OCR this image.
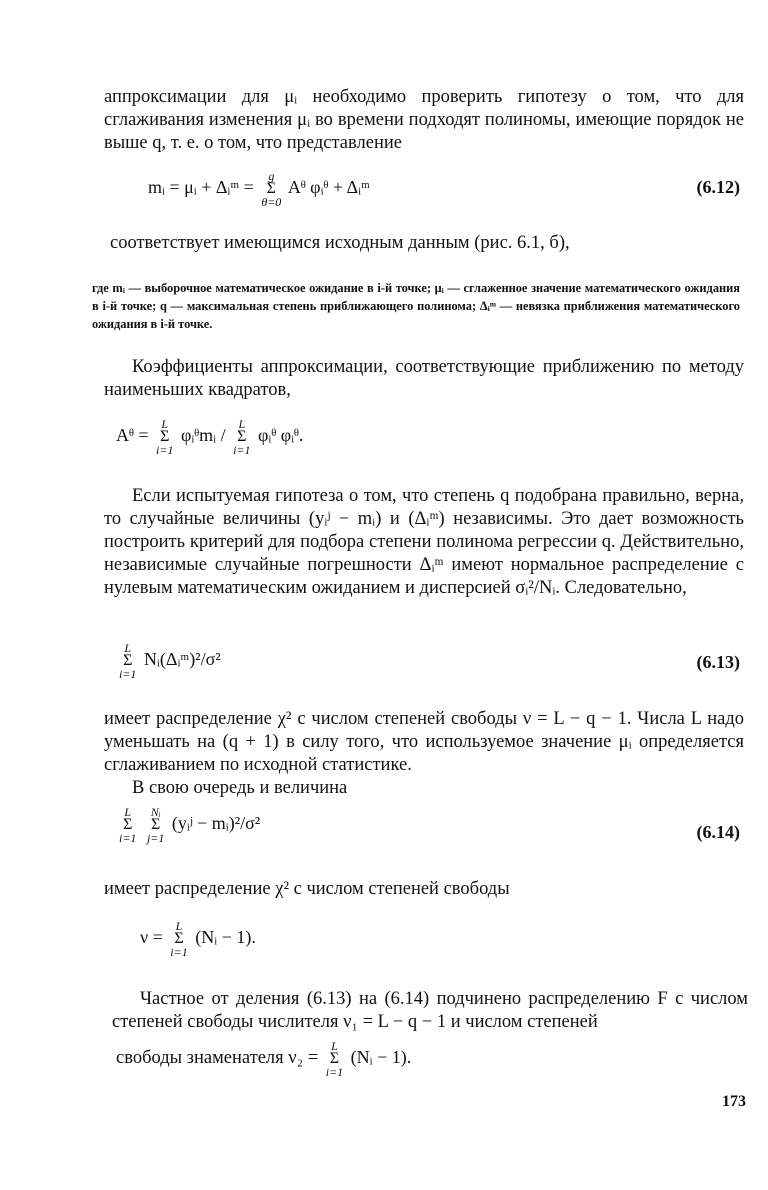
аппроксимации для μᵢ необходимо проверить гипотезу о том, что для сглаживания изменения μᵢ во времени подходят полиномы, имеющие порядок не выше q, т. е. о том, что представление

mᵢ = μᵢ + Δᵢᵐ =
g
Σ
θ=0
Aᶿ φᵢᶿ + Δᵢᵐ	(6.12)

соответствует имеющимся исходным данным (рис. 6.1, б),

где mᵢ — выборочное математическое ожидание в i-й точке; μᵢ — сглаженное значение математического ожидания в i-й точке; q — максимальная степень приближающего полинома; Δᵢᵐ — невязка приближения математического ожидания в i-й точке.

Коэффициенты аппроксимации, соответствующие приближению по методу наименьших квадратов,

Aᶿ =
L
Σ
i=1
φᵢᶿmᵢ /
L
Σ
i=1
φᵢᶿ φᵢᶿ.

Если испытуемая гипотеза о том, что степень q подобрана правильно, верна, то случайные величины (yᵢʲ − mᵢ) и (Δᵢᵐ) независимы. Это дает возможность построить критерий для подбора степени полинома регрессии q. Действительно, независимые случайные погрешности Δᵢᵐ имеют нормальное распределение с нулевым математическим ожиданием и дисперсией σᵢ²/Nᵢ. Следовательно,

L
Σ
i=1
Nᵢ(Δᵢᵐ)²/σ²	(6.13)

имеет распределение χ² с числом степеней свободы ν = L − q − 1. Числа L надо уменьшать на (q + 1) в силу того, что используемое значение μᵢ определяется сглаживанием по исходной статистике.

В свою очередь и величина

L
Σ
i=1

Nᵢ
Σ
j=1
(yᵢʲ − mᵢ)²/σ²	(6.14)

имеет распределение χ² с числом степеней свободы

ν =
L
Σ
i=1
(Nᵢ − 1).

Частное от деления (6.13) на (6.14) подчинено распределению F с числом степеней свободы числителя ν₁ = L − q − 1 и числом степеней

свободы знаменателя ν₂ =
L
Σ
i=1
(Nᵢ − 1).
173
